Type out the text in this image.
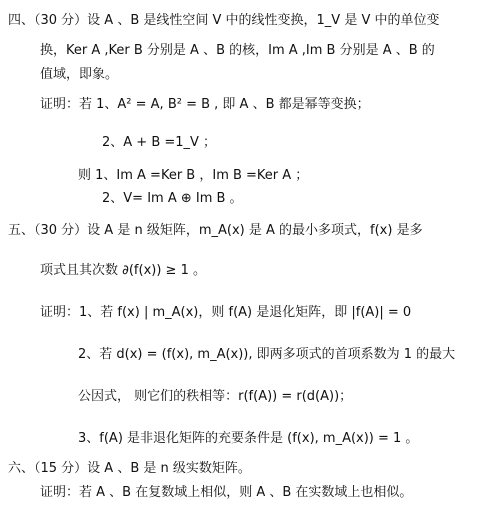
四、（30 分）设 A 、B 是线性空间 V 中的线性变换，1_V 是 V 中的单位变
换，Ker A ,Ker B 分别是 A 、B 的核，Im A ,Im B 分别是 A 、B 的
值域，即象。
证明：若 1、A² = A, B² = B , 即 A 、B 都是幂等变换；
2、A + B =1_V ；
则 1、Im A =Ker B ，Im B =Ker A ；
2、V= Im A ⊕ Im B 。
五、（30 分）设 A 是 n 级矩阵，m_A(x) 是 A 的最小多项式，f(x) 是多
项式且其次数 ∂(f(x)) ≥ 1 。
证明：1、若 f(x) | m_A(x)，则 f(A) 是退化矩阵，即 |f(A)| = 0
2、若 d(x) = (f(x), m_A(x)), 即两多项式的首项系数为 1 的最大
公因式， 则它们的秩相等：r(f(A)) = r(d(A))；
3、f(A) 是非退化矩阵的充要条件是 (f(x), m_A(x)) = 1 。
六、（15 分）设 A 、B 是 n 级实数矩阵。
证明：若 A 、B 在复数域上相似，则 A 、B 在实数域上也相似。
